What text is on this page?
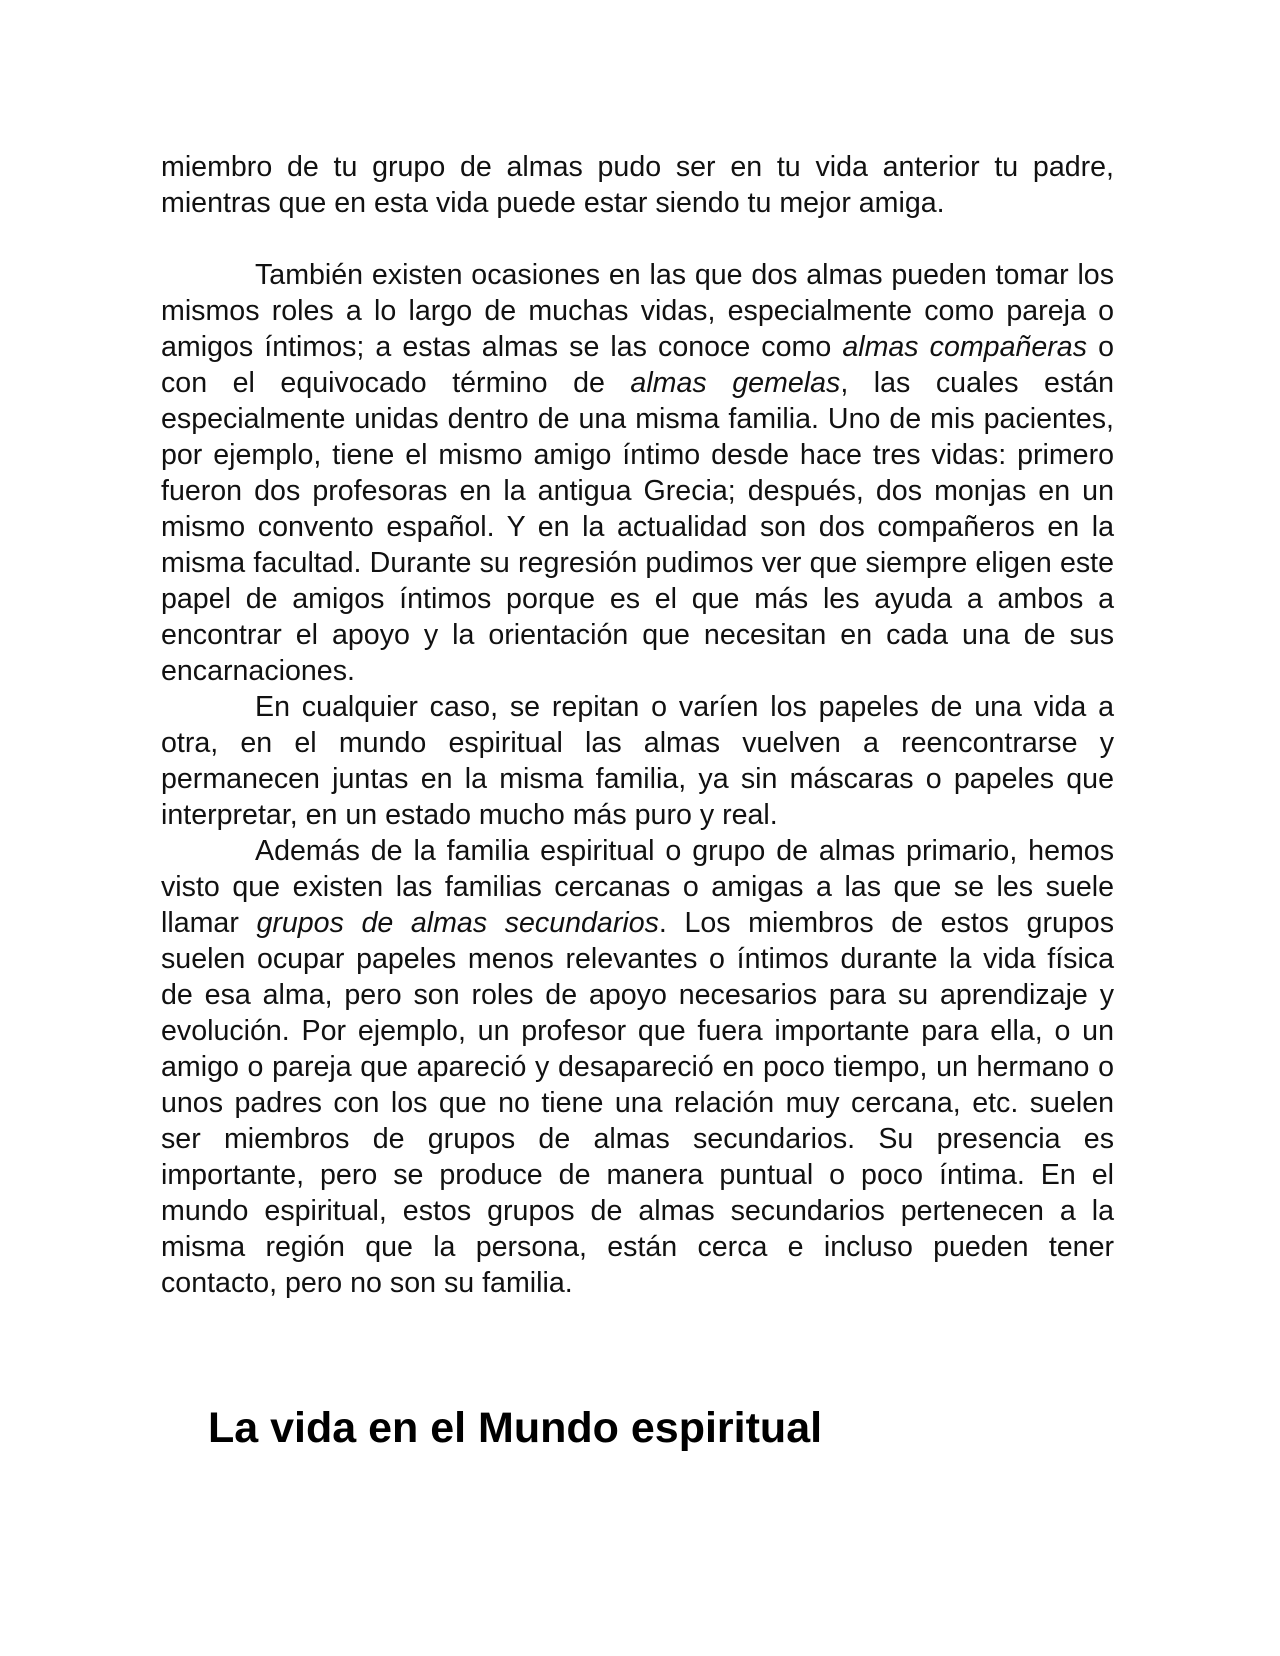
miembro de tu grupo de almas pudo ser en tu vida anterior tu padre, mientras que en esta vida puede estar siendo tu mejor amiga.

También existen ocasiones en las que dos almas pueden tomar los mismos roles a lo largo de muchas vidas, especialmente como pareja o amigos íntimos; a estas almas se las conoce como almas compañeras o con el equivocado término de almas gemelas, las cuales están especialmente unidas dentro de una misma familia. Uno de mis pacientes, por ejemplo, tiene el mismo amigo íntimo desde hace tres vidas: primero fueron dos profesoras en la antigua Grecia; después, dos monjas en un mismo convento español. Y en la actualidad son dos compañeros en la misma facultad. Durante su regresión pudimos ver que siempre eligen este papel de amigos íntimos porque es el que más les ayuda a ambos a encontrar el apoyo y la orientación que necesitan en cada una de sus encarnaciones.

En cualquier caso, se repitan o varíen los papeles de una vida a otra, en el mundo espiritual las almas vuelven a reencontrarse y permanecen juntas en la misma familia, ya sin máscaras o papeles que interpretar, en un estado mucho más puro y real.

Además de la familia espiritual o grupo de almas primario, hemos visto que existen las familias cercanas o amigas a las que se les suele llamar grupos de almas secundarios. Los miembros de estos grupos suelen ocupar papeles menos relevantes o íntimos durante la vida física de esa alma, pero son roles de apoyo necesarios para su aprendizaje y evolución. Por ejemplo, un profesor que fuera importante para ella, o un amigo o pareja que apareció y desapareció en poco tiempo, un hermano o unos padres con los que no tiene una relación muy cercana, etc. suelen ser miembros de grupos de almas secundarios. Su presencia es importante, pero se produce de manera puntual o poco íntima. En el mundo espiritual, estos grupos de almas secundarios pertenecen a la misma región que la persona, están cerca e incluso pueden tener contacto, pero no son su familia.

La vida en el Mundo espiritual
